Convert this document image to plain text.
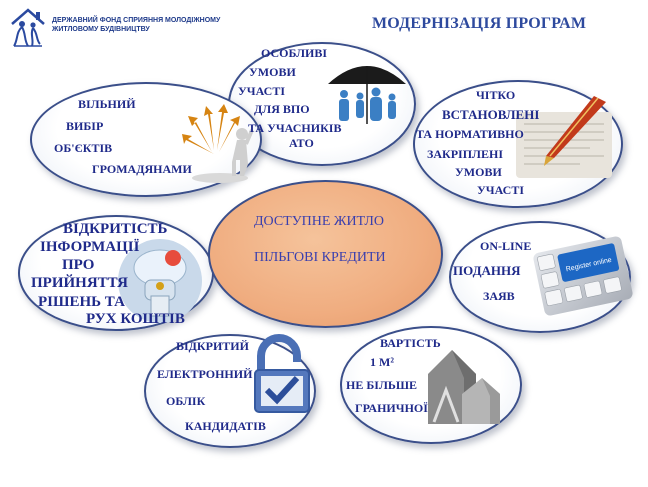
ДЕРЖАВНИЙ ФОНД СПРИЯННЯ МОЛОДІЖНОМУ ЖИТЛОВОМУ БУДІВНИЦТВУ	МОДЕРНІЗАЦІЯ ПРОГРАМ
ДОСТУПНЕ ЖИТЛО
ПІЛЬГОВІ КРЕДИТИ	Register online
ОСОБЛИВІ
УМОВИ
УЧАСТІ
ДЛЯ ВПО
ТА УЧАСНИКІВ
АТО
ЧІТКО
ВСТАНОВЛЕНІ
ТА НОРМАТИВНО
ЗАКРІПЛЕНІ
УМОВИ
УЧАСТІ
ВІЛЬНИЙ
ВИБІР
ОБ'ЄКТІВ
ГРОМАДЯНАМИ
ВІДКРИТІСТЬ
ІНФОРМАЦІЇ
ПРО
ПРИЙНЯТТЯ
РІШЕНЬ ТА
РУХ КОШТІВ
ON-LINE
ПОДАННЯ
ЗАЯВ
ВІДКРИТИЙ
ЕЛЕКТРОННИЙ
ОБЛІК
КАНДИДАТІВ
ВАРТІСТЬ
1 М²
НЕ БІЛЬШЕ
ГРАНИЧНОЇ
